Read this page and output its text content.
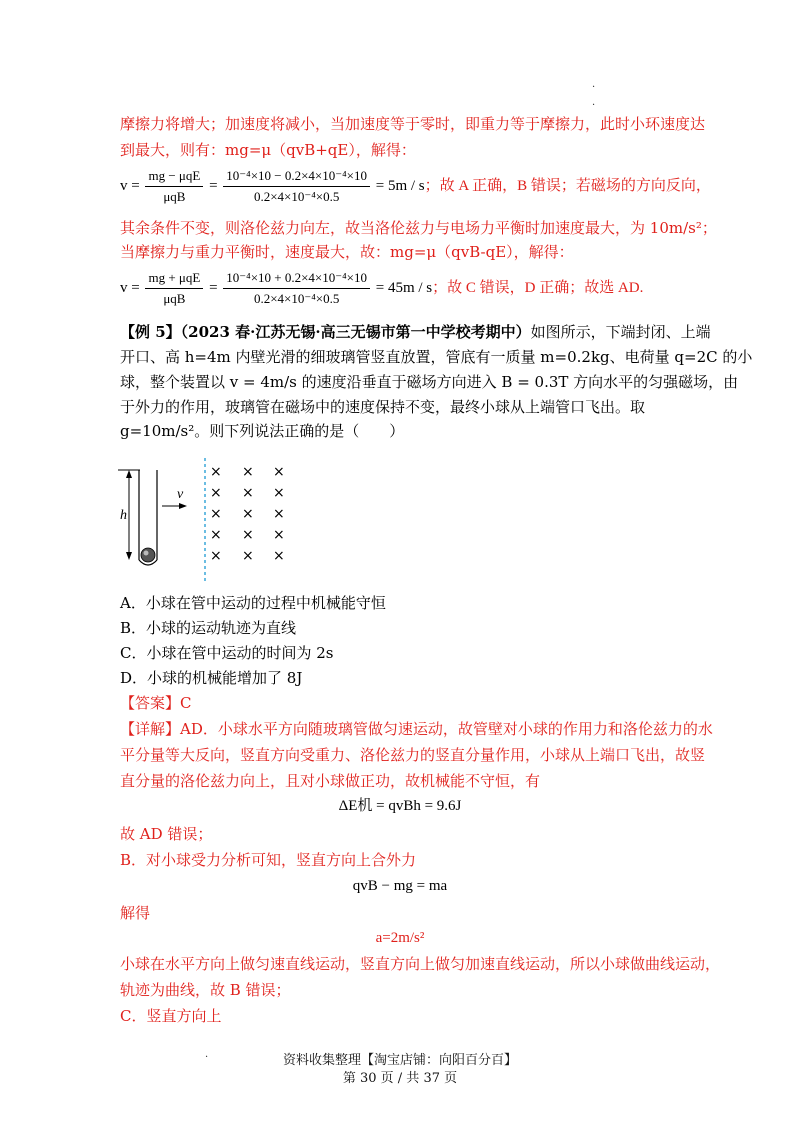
·
·
摩擦力将增大；加速度将减小，当加速度等于零时，即重力等于摩擦力，此时小环速度达
到最大，则有：mg=μ（qvB+qE），解得：
$v = \frac{\text{mg − μqE}}{\text{μqB}} = \frac{\text{10⁻⁴×10 − 0.2×4×10⁻⁴×10}}{\text{0.2×4×10⁻⁴×0.5}} = 5m / s$；故 A 正确，B 错误；若磁场的方向反向，
其余条件不变，则洛伦兹力向左，故当洛伦兹力与电场力平衡时加速度最大，为 10m/s²；
当摩擦力与重力平衡时，速度最大，故：mg=μ（qvB-qE），解得：
$v = \frac{\text{mg + μqE}}{\text{μqB}} = \frac{\text{10⁻⁴×10 + 0.2×4×10⁻⁴×10}}{\text{0.2×4×10⁻⁴×0.5}} = 45m / s$；故 C 错误，D 正确；故选 AD.
【例 5】（2023 春·江苏无锡·高三无锡市第一中学校考期中）如图所示，下端封闭、上端
开口、高 h=4m 内壁光滑的细玻璃管竖直放置，管底有一质量 m=0.2kg、电荷量 q=2C 的小
球，整个装置以 v = 4m/s 的速度沿垂直于磁场方向进入 B = 0.3T 方向水平的匀强磁场，由
于外力的作用，玻璃管在磁场中的速度保持不变，最终小球从上端管口飞出。取
g=10m/s²。则下列说法正确的是（　　）
h
v
× × ×
× × ×
× × ×
× × ×
× × ×
A．小球在管中运动的过程中机械能守恒
B．小球的运动轨迹为直线
C．小球在管中运动的时间为 2s
D．小球的机械能增加了 8J
【答案】C
【详解】AD．小球水平方向随玻璃管做匀速运动，故管壁对小球的作用力和洛伦兹力的水
平分量等大反向，竖直方向受重力、洛伦兹力的竖直分量作用，小球从上端口飞出，故竖
直分量的洛伦兹力向上，且对小球做正功，故机械能不守恒，有
ΔE机 = qvBh = 9.6J
故 AD 错误；
B．对小球受力分析可知，竖直方向上合外力
qvB − mg = ma
解得
a=2m/s²
小球在水平方向上做匀速直线运动，竖直方向上做匀加速直线运动，所以小球做曲线运动，
轨迹为曲线，故 B 错误；
C．竖直方向上
·	资料收集整理【淘宝店铺：向阳百分百】
第 30 页 / 共 37 页
